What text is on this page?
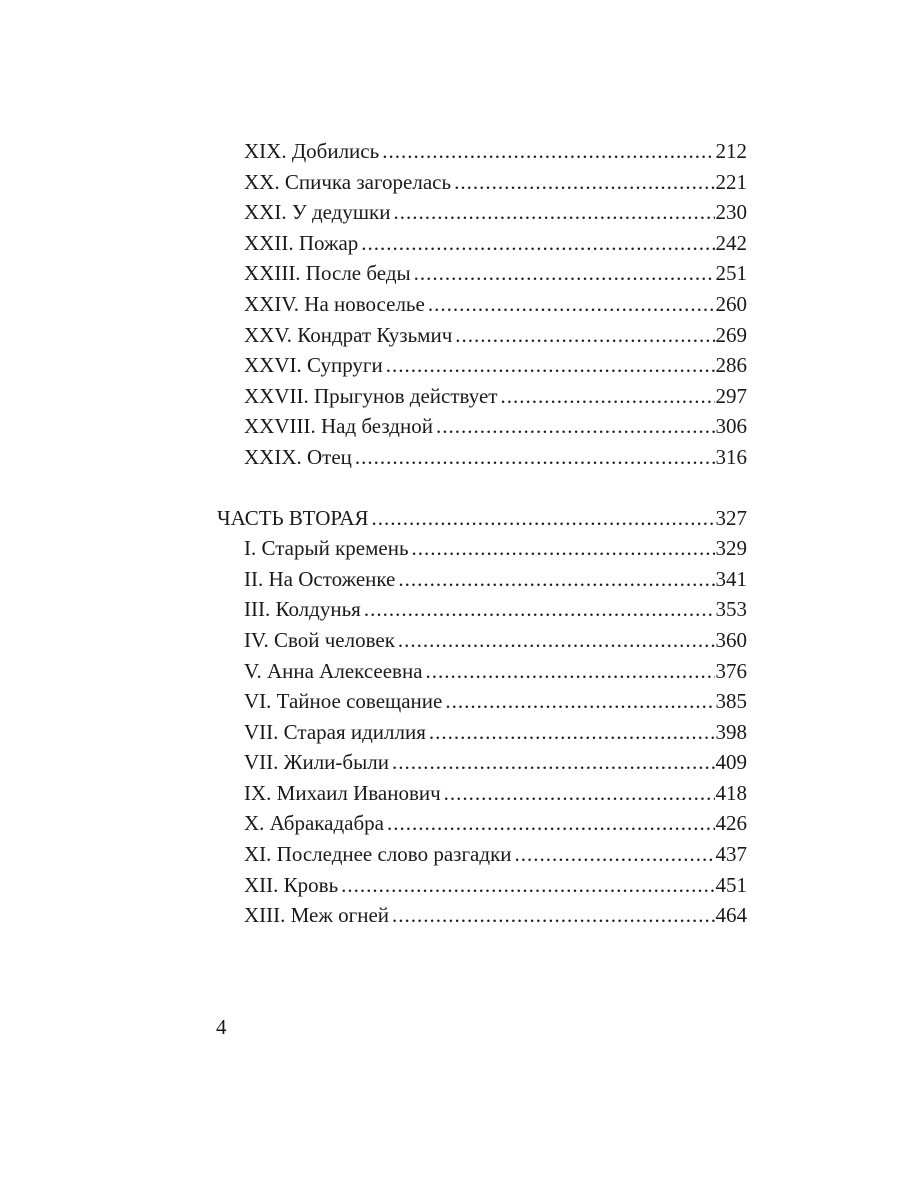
XIX. Добились .....	212
XX. Спичка загорелась .....	221
XXI. У дедушки .....	230
XXII. Пожар .....	242
XXIII. После беды .....	251
XXIV. На новоселье .....	260
XXV. Кондрат Кузьмич .....	269
XXVI. Супруги .....	286
XXVII. Прыгунов действует .....	297
XXVIII. Над бездной .....	306
XXIX. Отец .....	316
ЧАСТЬ ВТОРАЯ .....	327
I. Старый кремень .....	329
II. На Остоженке .....	341
III. Колдунья .....	353
IV. Свой человек .....	360
V. Анна Алексеевна .....	376
VI. Тайное совещание .....	385
VII. Старая идиллия .....	398
VII. Жили-были .....	409
IX. Михаил Иванович .....	418
X. Абракадабра .....	426
XI. Последнее слово разгадки .....	437
XII. Кровь .....	451
XIII. Меж огней .....	464
4
